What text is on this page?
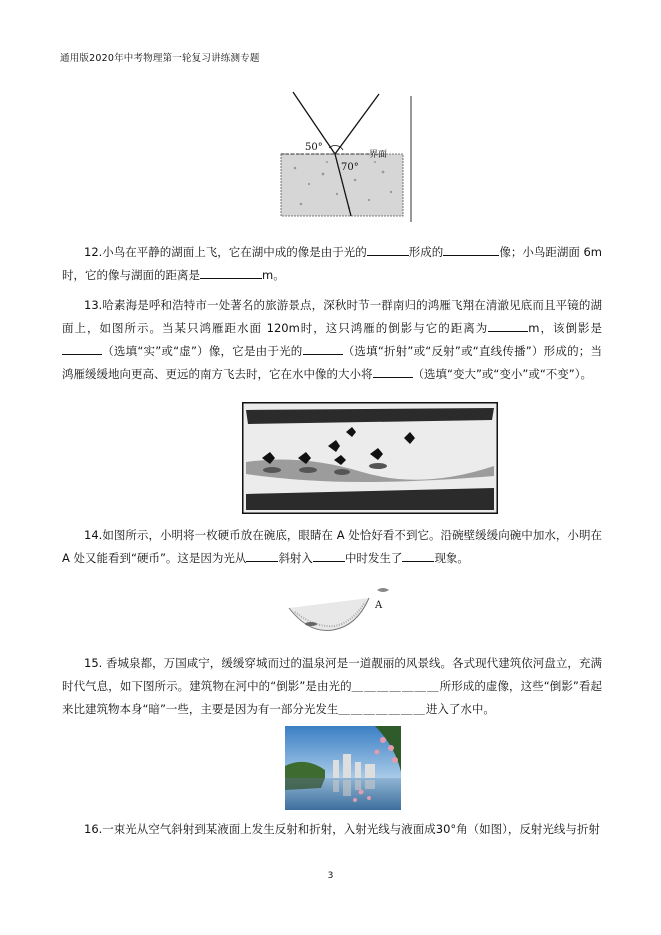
通用版2020年中考物理第一轮复习讲练测专题
50°
70°
界面
12.小鸟在平静的湖面上飞，它在湖中成的像是由于光的	形成的	像；小鸟距湖面 6m时，它的像与湖面的距离是	m。
13.哈素海是呼和浩特市一处著名的旅游景点，深秋时节一群南归的鸿雁飞翔在清澈见底而且平镜的湖面上，如图所示。当某只鸿雁距水面 120m时，这只鸿雁的倒影与它的距离为	m，该倒影是（选填“实”或“虚”）像，它是由于光的	（选填“折射”或“反射”或“直线传播”）形成的；当鸿雁缓缓地向更高、更远的南方飞去时，它在水中像的大小将	（选填“变大”或“变小”或“不变”）。
14.如图所示，小明将一枚硬币放在碗底，眼睛在 A 处恰好看不到它。沿碗壁缓缓向碗中加水，小明在 A 处又能看到“硬币”。这是因为光从	斜射入	中时发生了	现象。
A
15. 香城泉都，万国咸宁，缓缓穿城而过的温泉河是一道靓丽的风景线。各式现代建筑依河盘立，充满时代气息，如下图所示。建筑物在河中的“倒影”是由光的＿＿＿＿＿＿＿所形成的虚像，这些“倒影”看起来比建筑物本身“暗”一些，主要是因为有一部分光发生＿＿＿＿＿＿＿进入了水中。
16.一束光从空气斜射到某液面上发生反射和折射，入射光线与液面成30°角（如图），反射光线与折射
3
